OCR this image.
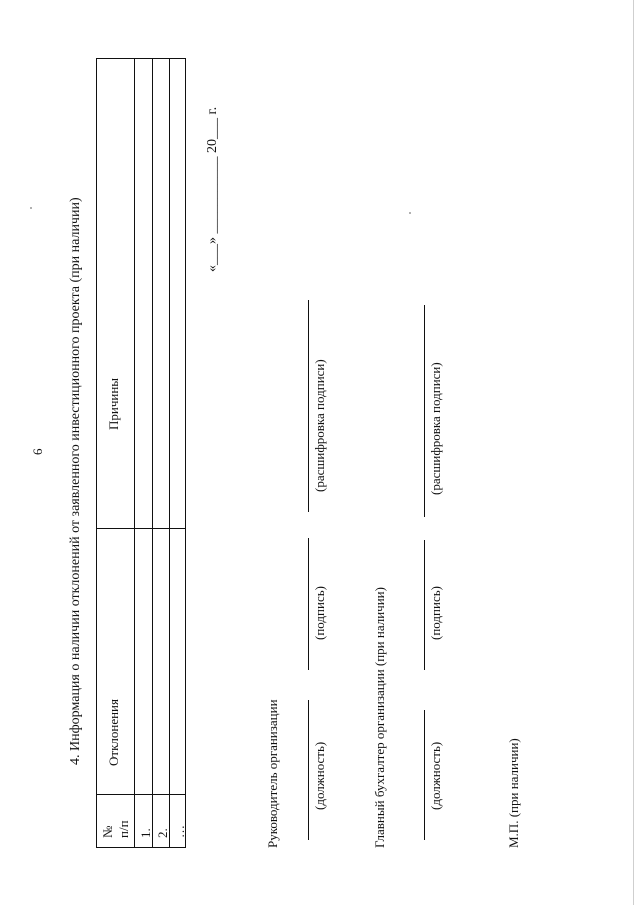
6 4. Информация о наличии отклонений от заявленного инвестиционного проекта (при наличии) Причины
Отклонения
№
п/п 1. 2. …
«___» ___________ 20___ г.
Руководитель организации (должность)
(подпись)
(расшифровка подписи)
Главный бухгалтер организации (при наличии)	(должность)
(подпись)
(расшифровка подписи)
М.П. (при наличии)
